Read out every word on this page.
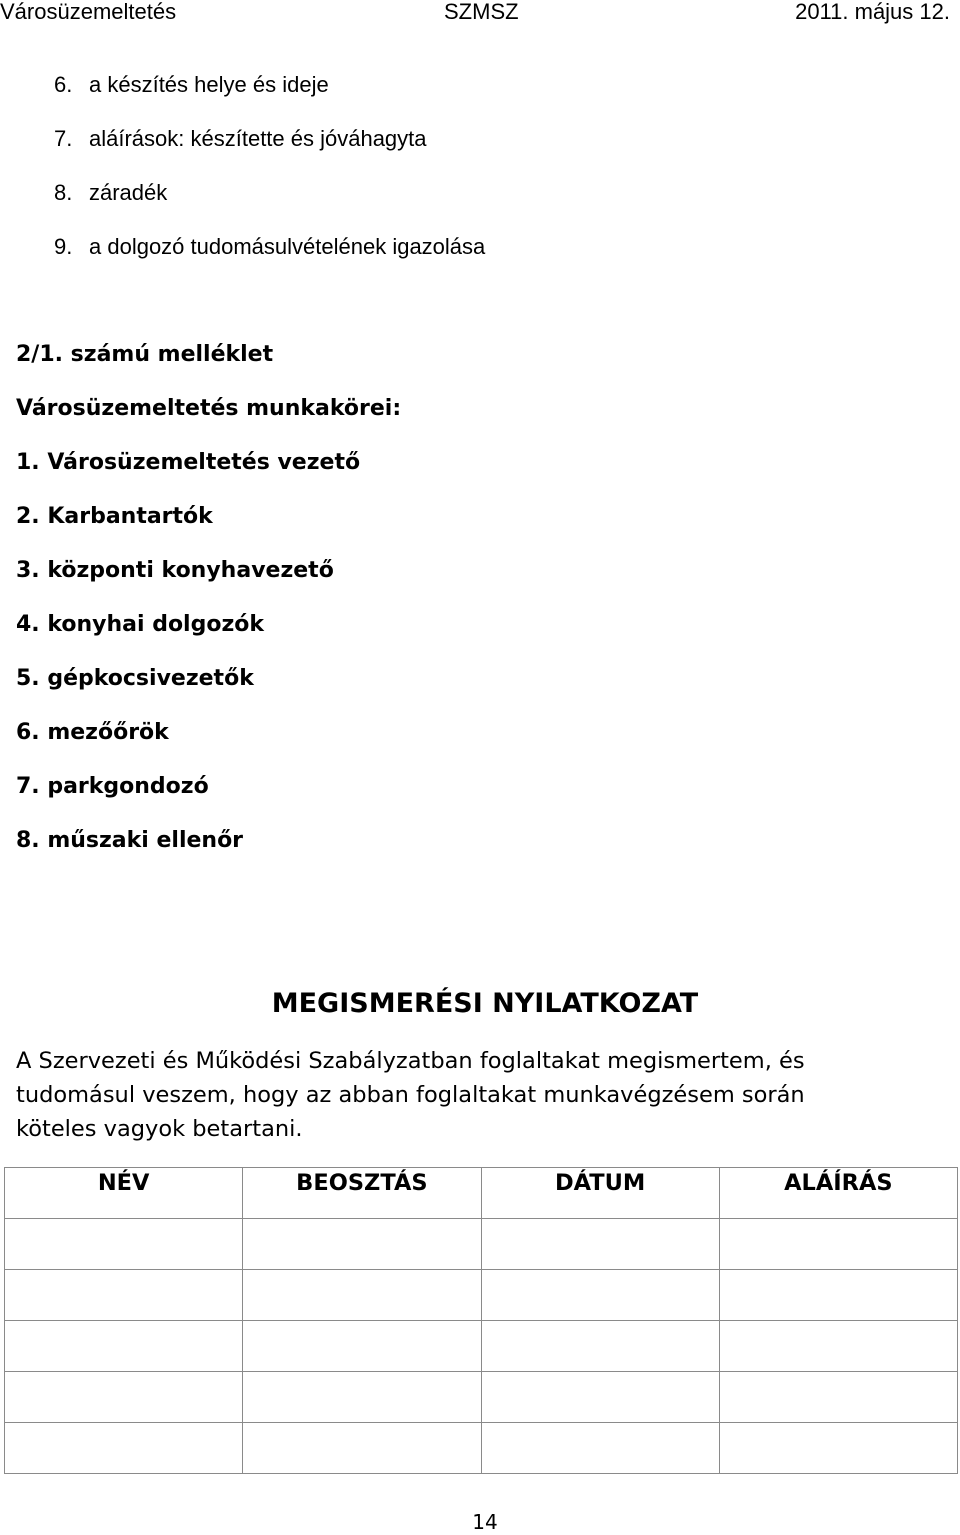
Városüzemeltetés	SZMSZ	2011. május 12.
6. a készítés helye és ideje
7. aláírások: készítette és jóváhagyta
8. záradék
9. a dolgozó tudomásulvételének igazolása
2/1. számú melléklet
Városüzemeltetés munkakörei:
1. Városüzemeltetés vezető
2. Karbantartók
3. központi konyhavezető
4. konyhai dolgozók
5. gépkocsivezetők
6. mezőőrök
7. parkgondozó
8. műszaki ellenőr
MEGISMERÉSI NYILATKOZAT
A Szervezeti és Működési Szabályzatban foglaltakat megismertem, és
tudomásul veszem, hogy az abban foglaltakat munkavégzésem során
köteles vagyok betartani.
NÉV	BEOSZTÁS	DÁTUM	ALÁÍRÁS

14
